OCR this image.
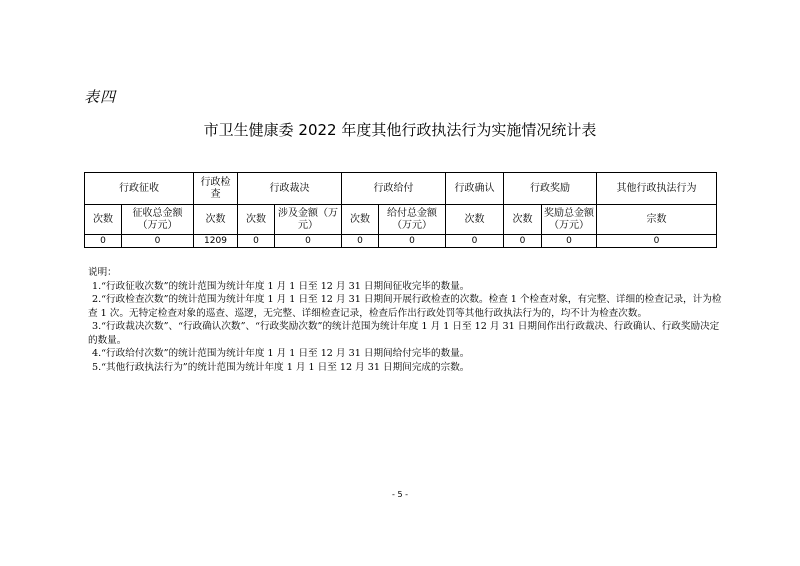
表四
市卫生健康委 2022 年度其他行政执法行为实施情况统计表
行政征收		行政检查	行政裁决		行政给付		行政确认	行政奖励		其他行政执法行为
次数	征收总金额（万元）	次数	次数	涉及金额（万元）	次数	给付总金额（万元）	次数	次数	奖励总金额（万元）	宗数
0	0	1209	0	0	0	0	0	0	0	0

说明：

1.“行政征收次数”的统计范围为统计年度 1 月 1 日至 12 月 31 日期间征收完毕的数量。

2.“行政检查次数”的统计范围为统计年度 1 月 1 日至 12 月 31 日期间开展行政检查的次数。检查 1 个检查对象，有完整、详细的检查记录，计为检查 1 次。无特定检查对象的巡查、巡逻，无完整、详细检查记录，检查后作出行政处罚等其他行政执法行为的，均不计为检查次数。

3.“行政裁决次数”、“行政确认次数”、“行政奖励次数”的统计范围为统计年度 1 月 1 日至 12 月 31 日期间作出行政裁决、行政确认、行政奖励决定的数量。

4.“行政给付次数”的统计范围为统计年度 1 月 1 日至 12 月 31 日期间给付完毕的数量。

5.“其他行政执法行为”的统计范围为统计年度 1 月 1 日至 12 月 31 日期间完成的宗数。

- 5 -
